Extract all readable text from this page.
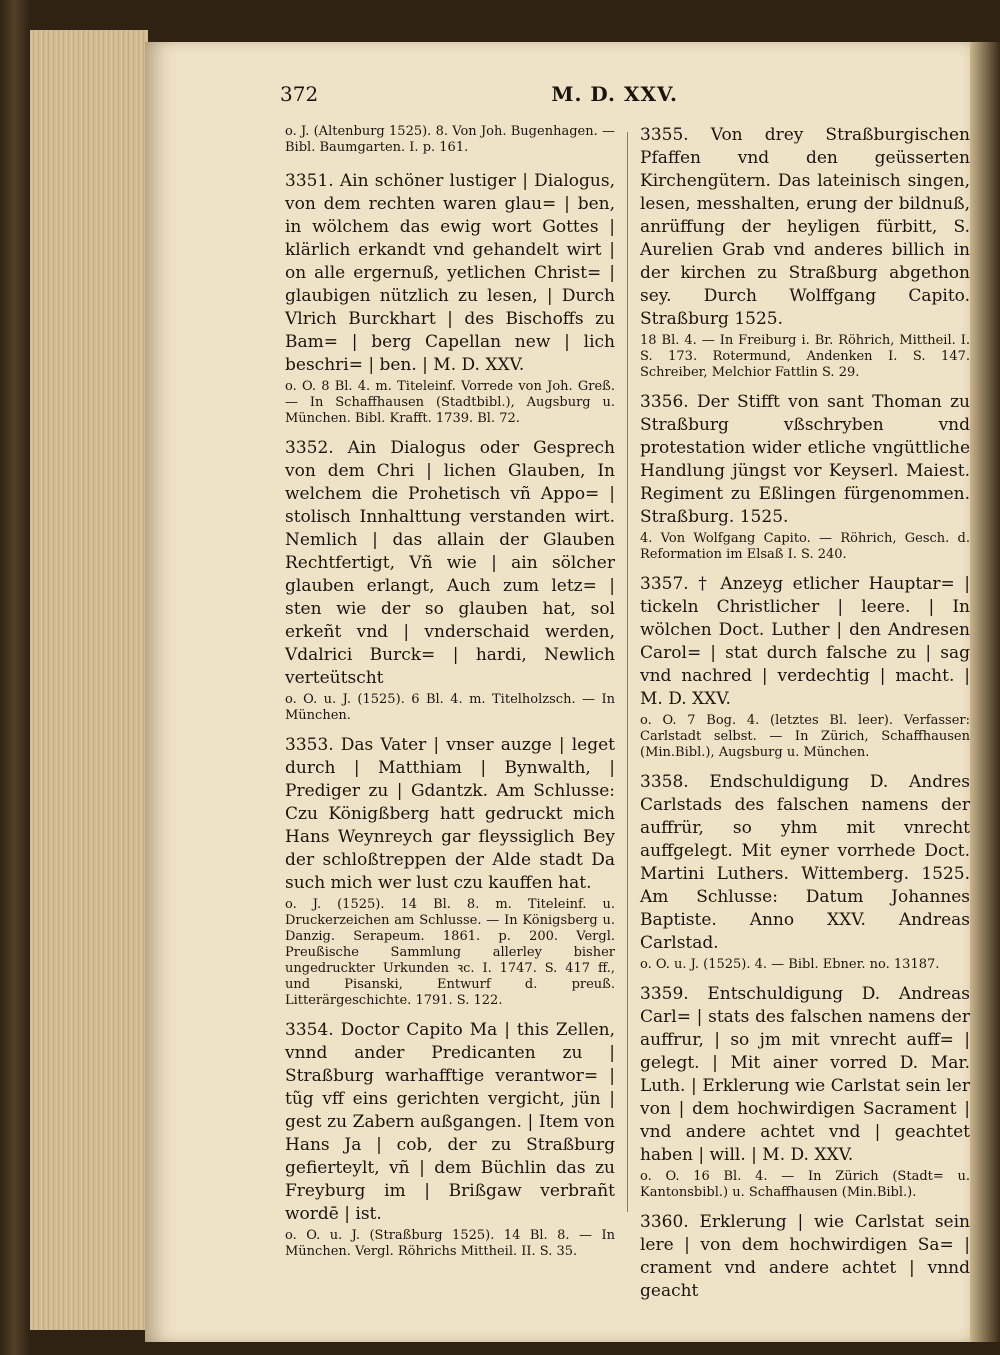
372	M. D. XXV.
o. J. (Altenburg 1525). 8. Von Joh. Bugenhagen. — Bibl. Baumgarten. I. p. 161.
3351. Ain schöner lustiger | Dialogus, von dem rechten waren glau= | ben, in wölchem das ewig wort Gottes | klärlich erkandt vnd gehandelt wirt | on alle ergernuß, yetlichen Christ= | glaubigen nützlich zu lesen, | Durch Vlrich Burckhart | des Bischoffs zu Bam= | berg Capellan new | lich beschri= | ben. | M. D. XXV.
o. O. 8 Bl. 4. m. Titeleinf. Vorrede von Joh. Greß. — In Schaffhausen (Stadtbibl.), Augsburg u. München. Bibl. Krafft. 1739. Bl. 72.
3352. Ain Dialogus oder Gesprech von dem Chri | lichen Glauben, In welchem die Prohetisch vñ Appo= | stolisch Innhalttung verstanden wirt. Nemlich | das allain der Glauben Rechtfertigt, Vñ wie | ain sölcher glauben erlangt, Auch zum letz= | sten wie der so glauben hat, sol erkeñt vnd | vnderschaid werden, Vdalrici Burck= | hardi, Newlich verteütscht
o. O. u. J. (1525). 6 Bl. 4. m. Titelholzsch. — In München.
3353. Das Vater | vnser auzge | leget durch | Matthiam | Bynwalth, | Prediger zu | Gdantzk. Am Schlusse: Czu Königßberg hatt gedruckt mich Hans Weynreych gar fleyssiglich Bey der schloßtreppen der Alde stadt Da such mich wer lust czu kauffen hat.
o. J. (1525). 14 Bl. 8. m. Titeleinf. u. Druckerzeichen am Schlusse. — In Königsberg u. Danzig. Serapeum. 1861. p. 200. Vergl. Preußische Sammlung allerley bisher ungedruckter Urkunden ꝛc. I. 1747. S. 417 ff., und Pisanski, Entwurf d. preuß. Litterärgeschichte. 1791. S. 122.
3354. Doctor Capito Ma | this Zellen, vnnd ander Predicanten zu | Straßburg warhafftige verantwor= | tũg vff eins gerichten vergicht, jün | gest zu Zabern außgangen. | Item von Hans Ja | cob, der zu Straßburg gefierteylt, vñ | dem Büchlin das zu Freyburg im | Brißgaw verbrañt wordē | ist.
o. O. u. J. (Straßburg 1525). 14 Bl. 8. — In München. Vergl. Röhrichs Mittheil. II. S. 35.
3355. Von drey Straßburgischen Pfaffen vnd den geüsserten Kirchengütern. Das lateinisch singen, lesen, messhalten, erung der bildnuß, anrüffung der heyligen fürbitt, S. Aurelien Grab vnd anderes billich in der kirchen zu Straßburg abgethon sey. Durch Wolffgang Capito. Straßburg 1525.
18 Bl. 4. — In Freiburg i. Br. Röhrich, Mittheil. I. S. 173. Rotermund, Andenken I. S. 147. Schreiber, Melchior Fattlin S. 29.
3356. Der Stifft von sant Thoman zu Straßburg vßschryben vnd protestation wider etliche vngüttliche Handlung jüngst vor Keyserl. Maiest. Regiment zu Eßlingen fürgenommen. Straßburg. 1525.
4. Von Wolfgang Capito. — Röhrich, Gesch. d. Reformation im Elsaß I. S. 240.
3357. † Anzeyg etlicher Hauptar= | tickeln Christlicher | leere. | In wölchen Doct. Luther | den Andresen Carol= | stat durch falsche zu | sag vnd nachred | verdechtig | macht. | M. D. XXV.
o. O. 7 Bog. 4. (letztes Bl. leer). Verfasser: Carlstadt selbst. — In Zürich, Schaffhausen (Min.Bibl.), Augsburg u. München.
3358. Endschuldigung D. Andres Carlstads des falschen namens der auffrür, so yhm mit vnrecht auffgelegt. Mit eyner vorrhede Doct. Martini Luthers. Wittemberg. 1525. Am Schlusse: Datum Johannes Baptiste. Anno XXV. Andreas Carlstad.
o. O. u. J. (1525). 4. — Bibl. Ebner. no. 13187.
3359. Entschuldigung D. Andreas Carl= | stats des falschen namens der auffrur, | so jm mit vnrecht auff= | gelegt. | Mit ainer vorred D. Mar. Luth. | Erklerung wie Carlstat sein ler von | dem hochwirdigen Sacrament | vnd andere achtet vnd | geachtet haben | will. | M. D. XXV.
o. O. 16 Bl. 4. — In Zürich (Stadt= u. Kantonsbibl.) u. Schaffhausen (Min.Bibl.).
3360. Erklerung | wie Carlstat sein lere | von dem hochwirdigen Sa= | crament vnd andere achtet | vnnd geacht
